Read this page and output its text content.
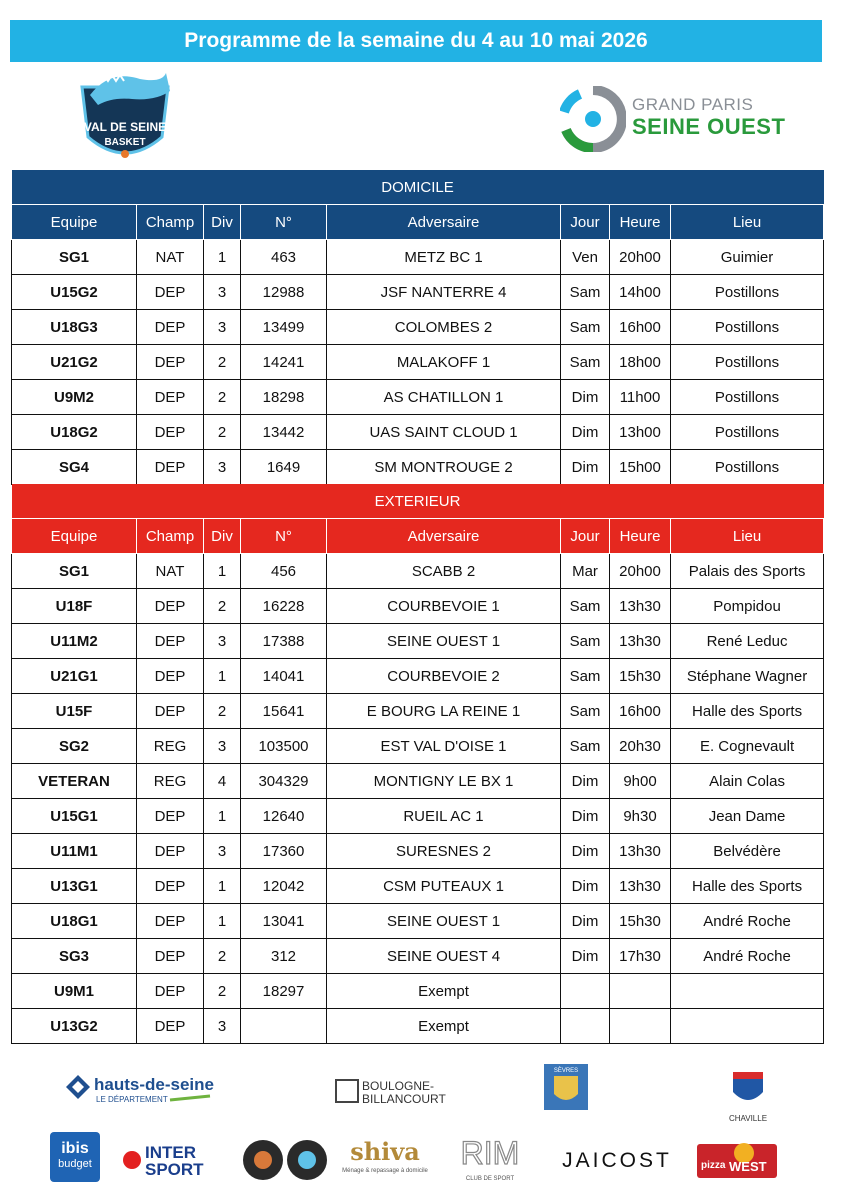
Programme de la semaine du 4 au 10 mai 2026
VAL DE SEINE
BASKET
GRAND PARIS
SEINE OUEST
DOMICILE							
Equipe	Champ	Div	N°	Adversaire	Jour	Heure	Lieu
SG1	NAT	1	463	METZ BC 1	Ven	20h00	Guimier
U15G2	DEP	3	12988	JSF NANTERRE 4	Sam	14h00	Postillons
U18G3	DEP	3	13499	COLOMBES 2	Sam	16h00	Postillons
U21G2	DEP	2	14241	MALAKOFF 1	Sam	18h00	Postillons
U9M2	DEP	2	18298	AS CHATILLON 1	Dim	11h00	Postillons
U18G2	DEP	2	13442	UAS SAINT CLOUD 1	Dim	13h00	Postillons
SG4	DEP	3	1649	SM MONTROUGE 2	Dim	15h00	Postillons
EXTERIEUR							
Equipe	Champ	Div	N°	Adversaire	Jour	Heure	Lieu
SG1	NAT	1	456	SCABB 2	Mar	20h00	Palais des Sports
U18F	DEP	2	16228	COURBEVOIE 1	Sam	13h30	Pompidou
U11M2	DEP	3	17388	SEINE OUEST 1	Sam	13h30	René Leduc
U21G1	DEP	1	14041	COURBEVOIE 2	Sam	15h30	Stéphane Wagner
U15F	DEP	2	15641	E BOURG LA REINE 1	Sam	16h00	Halle des Sports
SG2	REG	3	103500	EST VAL D'OISE 1	Sam	20h30	E. Cognevault
VETERAN	REG	4	304329	MONTIGNY LE BX 1	Dim	9h00	Alain Colas
U15G1	DEP	1	12640	RUEIL AC 1	Dim	9h30	Jean Dame
U11M1	DEP	3	17360	SURESNES 2	Dim	13h30	Belvédère
U13G1	DEP	1	12042	CSM PUTEAUX 1	Dim	13h30	Halle des Sports
U18G1	DEP	1	13041	SEINE OUEST 1	Dim	15h30	André Roche
SG3	DEP	2	312	SEINE OUEST 4	Dim	17h30	André Roche
U9M1	DEP	2	18297	Exempt			
U13G2	DEP	3		Exempt			
hauts-de-seine
LE DÉPARTEMENT
BOULOGNE-
BILLANCOURT
SÈVRES
CHAVILLE
ibis
budget
INTER
SPORT
shiva
Ménage & repassage à domicile RIM
CLUB DE SPORT
JAICOST	pizza WEST
